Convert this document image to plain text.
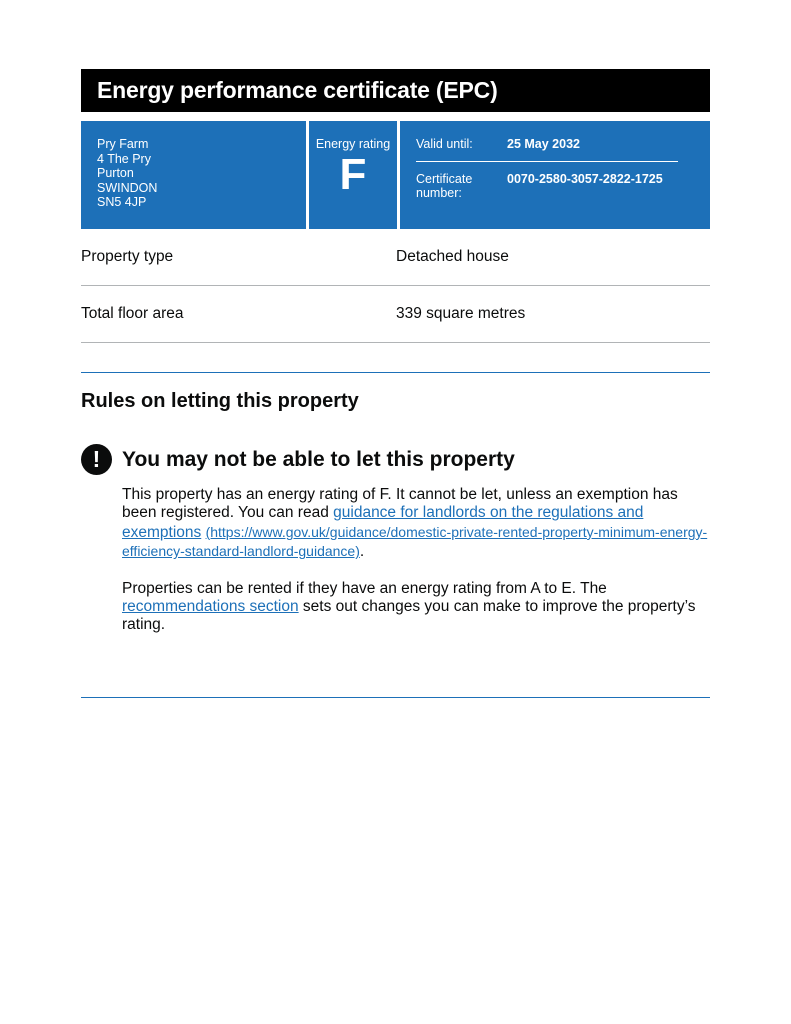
Energy performance certificate (EPC)
Pry Farm
4 The Pry
Purton
SWINDON
SN5 4JP
Energy rating
F
Valid until:	25 May 2032
Certificate number:
0070-2580-3057-2822-1725
Property type	Detached house
Total floor area	339 square metres
Rules on letting this property
!	You may not be able to let this property

This property has an energy rating of F. It cannot be let, unless an exemption has been registered. You can read guidance for landlords on the regulations and exemptions (https://www.gov.uk/guidance/domestic-private-rented-property-minimum-energy-efficiency-standard-landlord-guidance).

Properties can be rented if they have an energy rating from A to E. The recommendations section sets out changes you can make to improve the property’s rating.
